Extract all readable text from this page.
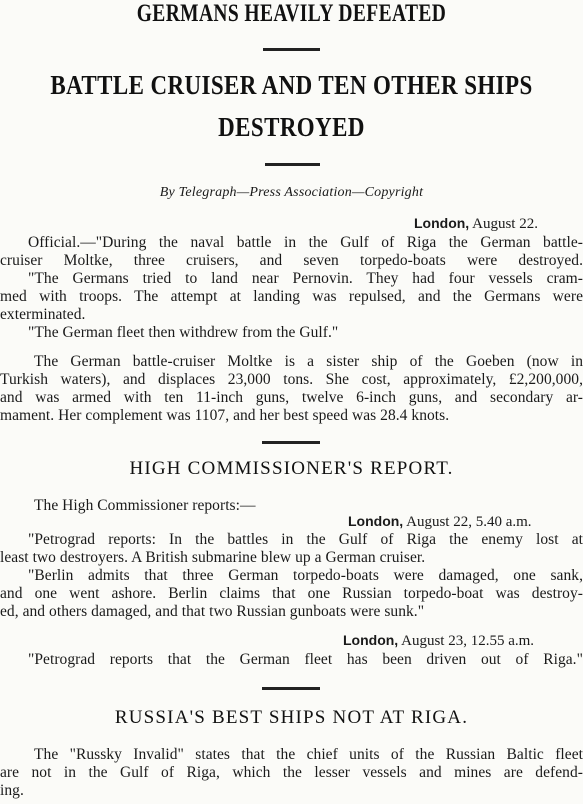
GERMANS HEAVILY DEFEATED
BATTLE CRUISER AND TEN OTHER SHIPS
DESTROYED
By Telegraph—Press Association—Copyright
London, August 22.
Official.—"During the naval battle in the Gulf of Riga the German battle-
cruiser Moltke, three cruisers, and seven torpedo-boats were destroyed.
"The Germans tried to land near Pernovin. They had four vessels cram-
med with troops. The attempt at landing was repulsed, and the Germans were
exterminated.
"The German fleet then withdrew from the Gulf."
The German battle-cruiser Moltke is a sister ship of the Goeben (now in
Turkish waters), and displaces 23,000 tons. She cost, approximately, £2,200,000,
and was armed with ten 11-inch guns, twelve 6-inch guns, and secondary ar-
mament. Her complement was 1107, and her best speed was 28.4 knots.
HIGH COMMISSIONER'S REPORT.
The High Commissioner reports:—
London, August 22, 5.40 a.m.
"Petrograd reports: In the battles in the Gulf of Riga the enemy lost at
least two destroyers. A British submarine blew up a German cruiser.
"Berlin admits that three German torpedo-boats were damaged, one sank,
and one went ashore. Berlin claims that one Russian torpedo-boat was destroy-
ed, and others damaged, and that two Russian gunboats were sunk."
London, August 23, 12.55 a.m.
"Petrograd reports that the German fleet has been driven out of Riga."
RUSSIA'S BEST SHIPS NOT AT RIGA.
The "Russky Invalid" states that the chief units of the Russian Baltic fleet
are not in the Gulf of Riga, which the lesser vessels and mines are defend-
ing.
